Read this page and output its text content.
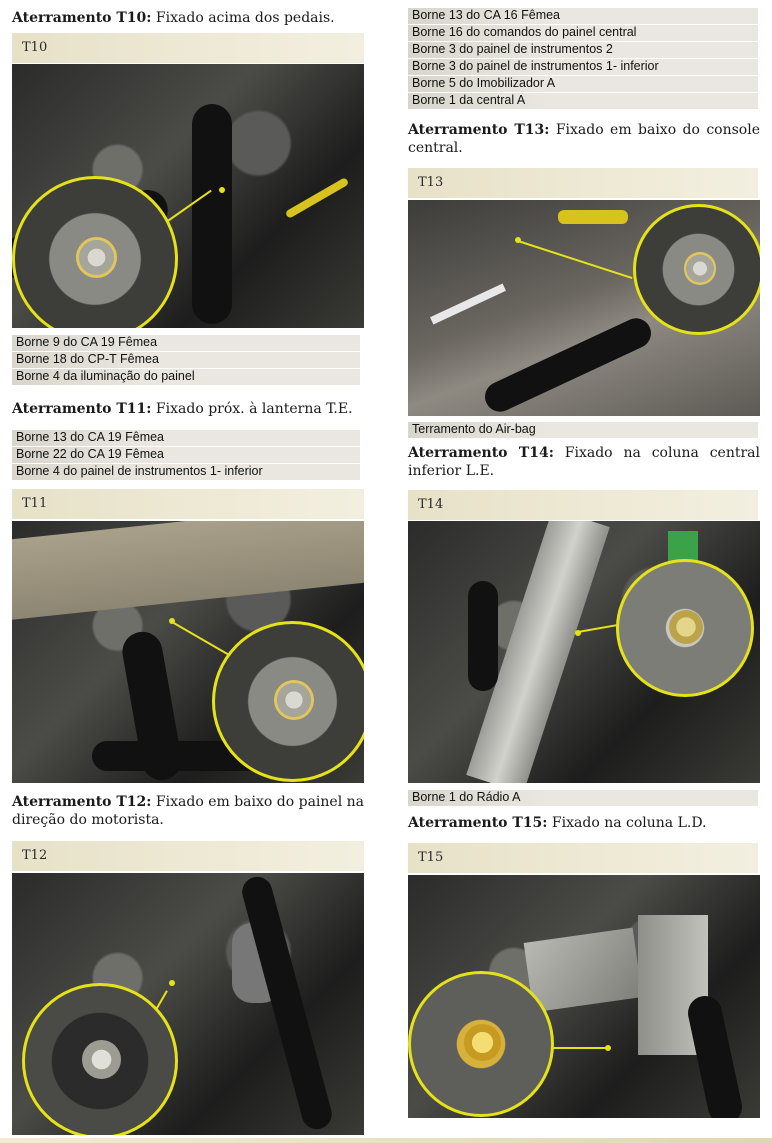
Aterramento T10: Fixado acima dos pedais.

T10
Borne 9 do CA 19 Fêmea
Borne 18 do CP-T Fêmea
Borne 4 da iluminação do painel

Aterramento T11: Fixado próx. à lanterna T.E.

Borne 13 do CA 19 Fêmea
Borne 22 do CA 19 Fêmea
Borne 4 do painel de instrumentos 1- inferior
T11

Aterramento T12: Fixado em baixo do painel na direção do motorista.

T12
Borne 13 do CA 16 Fêmea
Borne 16 do comandos do painel central
Borne 3 do painel de instrumentos 2
Borne 3 do painel de instrumentos 1- inferior
Borne 5 do Imobilizador A
Borne 1 da central A

Aterramento T13: Fixado em baixo do console central.

T13
Terramento do Air-bag

Aterramento T14: Fixado na coluna central inferior L.E.

T14
Borne 1 do Rádio A

Aterramento T15: Fixado na coluna L.D.

T15
